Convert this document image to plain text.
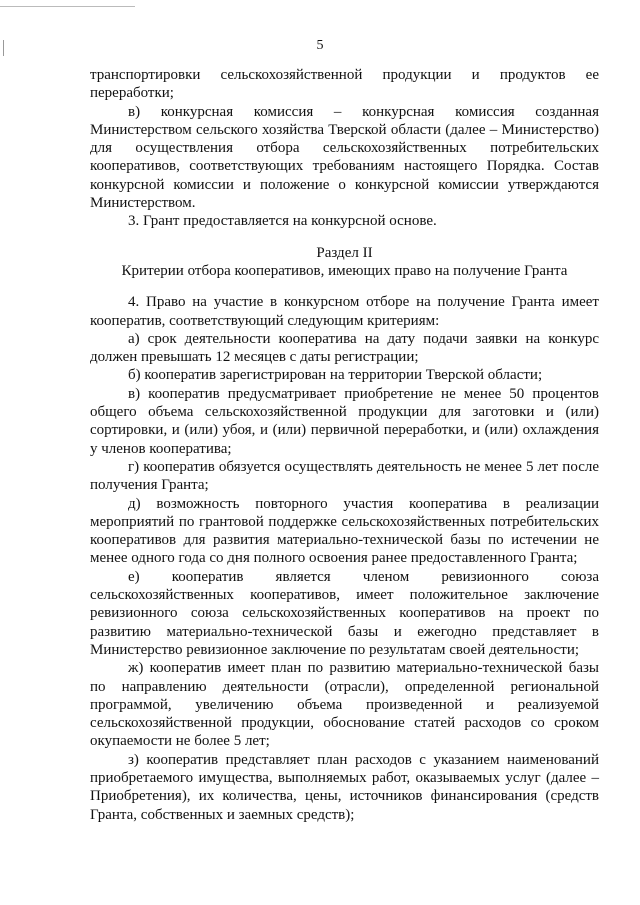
5

транспортировки сельскохозяйственной продукции и продуктов ее переработки;

в) конкурсная комиссия – конкурсная комиссия созданная Министерством сельского хозяйства Тверской области (далее – Министерство) для осуществления отбора сельскохозяйственных потребительских кооперативов, соответствующих требованиям настоящего Порядка. Состав конкурсной комиссии и положение о конкурсной комиссии утверждаются Министерством.

3. Грант предоставляется на конкурсной основе.

Раздел II

Критерии отбора кооперативов, имеющих право на получение Гранта

4. Право на участие в конкурсном отборе на получение Гранта имеет кооператив, соответствующий следующим критериям:

а) срок деятельности кооператива на дату подачи заявки на конкурс должен превышать 12 месяцев с даты регистрации;

б) кооператив зарегистрирован на территории Тверской области;

в) кооператив предусматривает приобретение не менее 50 процентов общего объема сельскохозяйственной продукции для заготовки и (или) сортировки, и (или) убоя, и (или) первичной переработки, и (или) охлаждения у членов кооператива;

г) кооператив обязуется осуществлять деятельность не менее 5 лет после получения Гранта;

д) возможность повторного участия кооператива в реализации мероприятий по грантовой поддержке сельскохозяйственных потребительских кооперативов для развития материально-технической базы по истечении не менее одного года со дня полного освоения ранее предоставленного Гранта;

е) кооператив является членом ревизионного союза сельскохозяйственных кооперативов, имеет положительное заключение ревизионного союза сельскохозяйственных кооперативов на проект по развитию материально-технической базы и ежегодно представляет в Министерство ревизионное заключение по результатам своей деятельности;

ж) кооператив имеет план по развитию материально-технической базы по направлению деятельности (отрасли), определенной региональной программой, увеличению объема произведенной и реализуемой сельскохозяйственной продукции, обоснование статей расходов со сроком окупаемости не более 5 лет;

з) кооператив представляет план расходов с указанием наименований приобретаемого имущества, выполняемых работ, оказываемых услуг (далее – Приобретения), их количества, цены, источников финансирования (средств Гранта, собственных и заемных средств);
